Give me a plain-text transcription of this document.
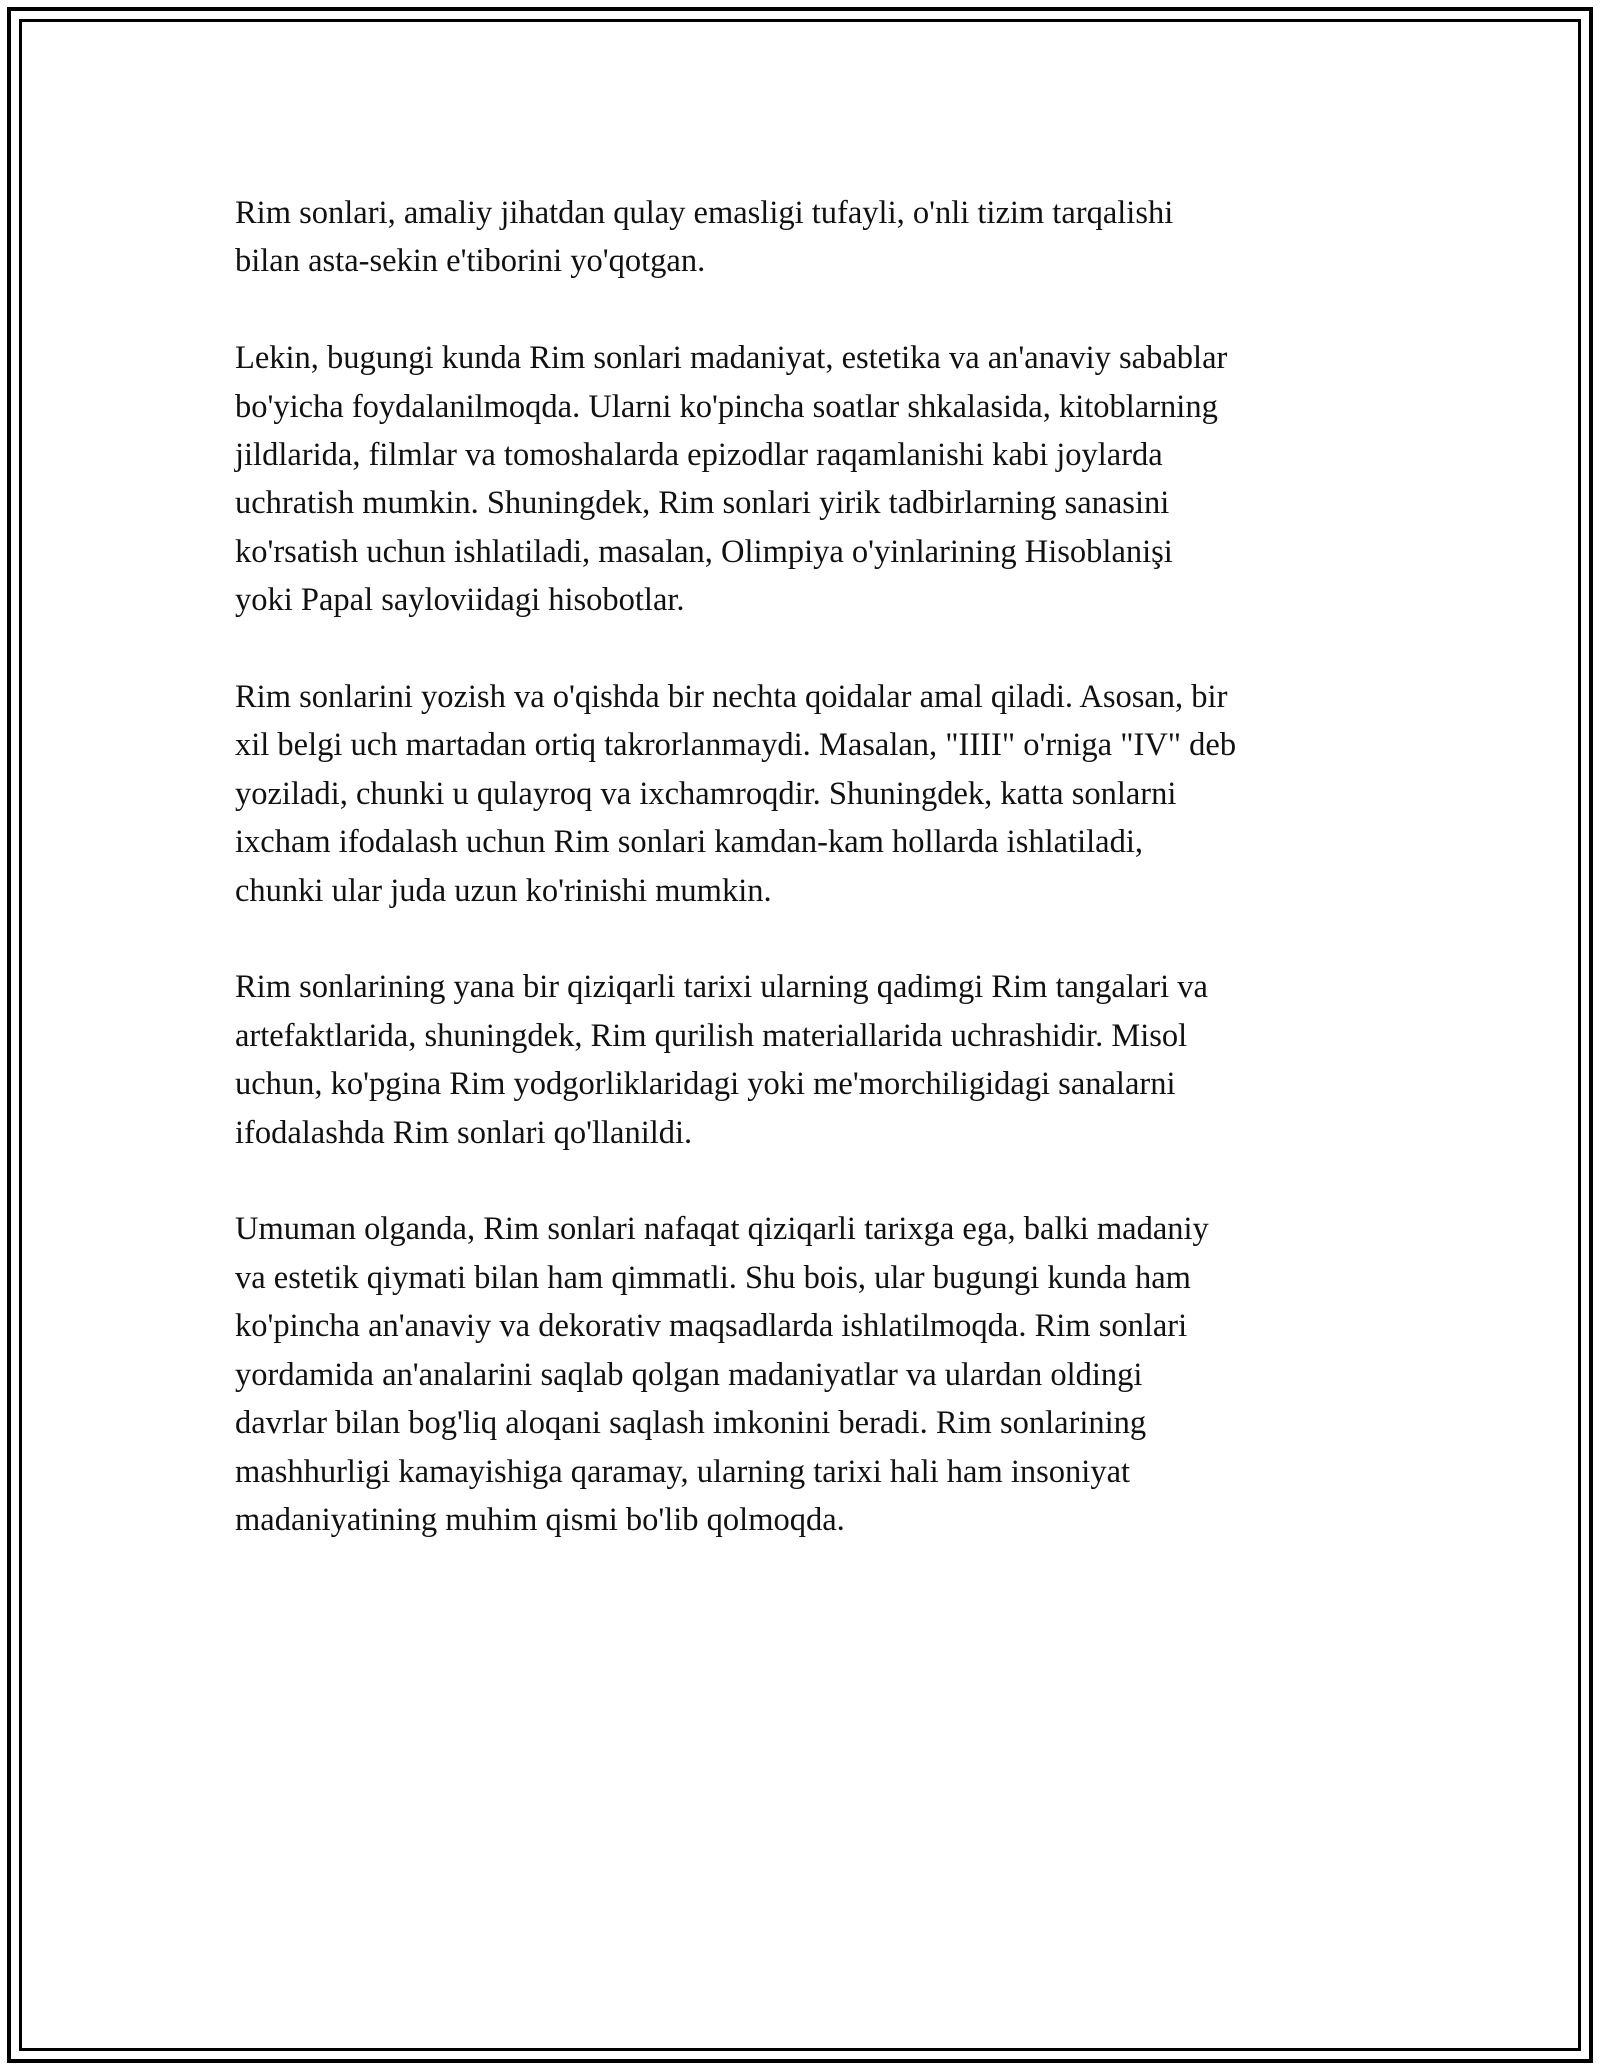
Rim sonlari, amaliy jihatdan qulay emasligi tufayli, o'nli tizim tarqalishi
bilan asta-sekin e'tiborini yo'qotgan.

Lekin, bugungi kunda Rim sonlari madaniyat, estetika va an'anaviy sabablar
bo'yicha foydalanilmoqda. Ularni ko'pincha soatlar shkalasida, kitoblarning
jildlarida, filmlar va tomoshalarda epizodlar raqamlanishi kabi joylarda
uchratish mumkin. Shuningdek, Rim sonlari yirik tadbirlarning sanasini
ko'rsatish uchun ishlatiladi, masalan, Olimpiya o'yinlarining Hisoblanişi
yoki Papal sayloviidagi hisobotlar.

Rim sonlarini yozish va o'qishda bir nechta qoidalar amal qiladi. Asosan, bir
xil belgi uch martadan ortiq takrorlanmaydi. Masalan, "IIII" o'rniga "IV" deb
yoziladi, chunki u qulayroq va ixchamroqdir. Shuningdek, katta sonlarni
ixcham ifodalash uchun Rim sonlari kamdan-kam hollarda ishlatiladi,
chunki ular juda uzun ko'rinishi mumkin.

Rim sonlarining yana bir qiziqarli tarixi ularning qadimgi Rim tangalari va
artefaktlarida, shuningdek, Rim qurilish materiallarida uchrashidir. Misol
uchun, ko'pgina Rim yodgorliklaridagi yoki me'morchiligidagi sanalarni
ifodalashda Rim sonlari qo'llanildi.

Umuman olganda, Rim sonlari nafaqat qiziqarli tarixga ega, balki madaniy
va estetik qiymati bilan ham qimmatli. Shu bois, ular bugungi kunda ham
ko'pincha an'anaviy va dekorativ maqsadlarda ishlatilmoqda. Rim sonlari
yordamida an'analarini saqlab qolgan madaniyatlar va ulardan oldingi
davrlar bilan bog'liq aloqani saqlash imkonini beradi. Rim sonlarining
mashhurligi kamayishiga qaramay, ularning tarixi hali ham insoniyat
madaniyatining muhim qismi bo'lib qolmoqda.
